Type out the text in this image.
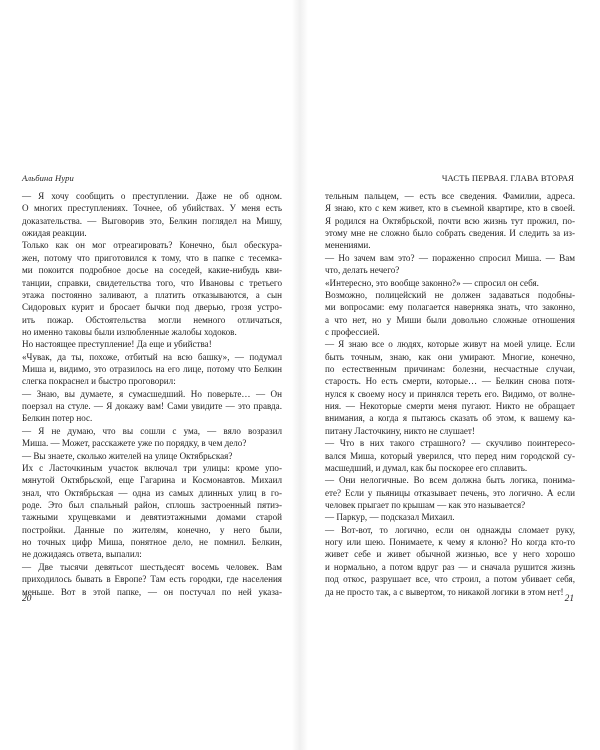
Альбина Нури
— Я хочу сообщить о преступлении. Даже не об одном.
О многих преступлениях. Точнее, об убийствах. У меня есть
доказательства. — Выговорив это, Белкин поглядел на Мишу,
ожидая реакции.
Только как он мог отреагировать? Конечно, был обескура-
жен, потому что приготовился к тому, что в папке с тесемка-
ми покоится подробное досье на соседей, какие-нибудь кви-
танции, справки, свидетельства того, что Ивановы с третьего
этажа постоянно заливают, а платить отказываются, а сын
Сидоровых курит и бросает бычки под дверью, грозя устро-
ить пожар. Обстоятельства могли немного отличаться,
но именно таковы были излюбленные жалобы ходоков.
Но настоящее преступление! Да еще и убийства!
«Чувак, да ты, похоже, отбитый на всю башку», — подумал
Миша и, видимо, это отразилось на его лице, потому что Белкин
слегка покраснел и быстро проговорил:
— Знаю, вы думаете, я сумасшедший. Но поверьте… — Он
поерзал на стуле. — Я докажу вам! Сами увидите — это правда.
Белкин потер нос.
— Я не думаю, что вы сошли с ума, — вяло возразил
Миша. — Может, расскажете уже по порядку, в чем дело?
— Вы знаете, сколько жителей на улице Октябрьская?
Их с Ласточкиным участок включал три улицы: кроме упо-
мянутой Октябрьской, еще Гагарина и Космонавтов. Михаил
знал, что Октябрьская — одна из самых длинных улиц в го-
роде. Это был спальный район, сплошь застроенный пятиэ-
тажными хрущевками и девятиэтажными домами старой
постройки. Данные по жителям, конечно, у него были,
но точных цифр Миша, понятное дело, не помнил. Белкин,
не дожидаясь ответа, выпалил:
— Две тысячи девятьсот шестьдесят восемь человек. Вам
приходилось бывать в Европе? Там есть городки, где населения
меньше. Вот в этой папке, — он постучал по ней указа-
20
ЧАСТЬ ПЕРВАЯ. ГЛАВА ВТОРАЯ
тельным пальцем, — есть все сведения. Фамилии, адреса.
Я знаю, кто с кем живет, кто в съемной квартире, кто в своей.
Я родился на Октябрьской, почти всю жизнь тут прожил, по-
этому мне не сложно было собрать сведения. И следить за из-
менениями.
— Но зачем вам это? — пораженно спросил Миша. — Вам
что, делать нечего?
«Интересно, это вообще законно?» — спросил он себя.
Возможно, полицейский не должен задаваться подобны-
ми вопросами: ему полагается наверняка знать, что законно,
а что нет, но у Миши были довольно сложные отношения
с профессией.
— Я знаю все о людях, которые живут на моей улице. Если
быть точным, знаю, как они умирают. Многие, конечно,
по естественным причинам: болезни, несчастные случаи,
старость. Но есть смерти, которые… — Белкин снова потя-
нулся к своему носу и принялся тереть его. Видимо, от волне-
ния. — Некоторые смерти меня пугают. Никто не обращает
внимания, а когда я пытаюсь сказать об этом, к вашему ка-
питану Ласточкину, никто не слушает!
— Что в них такого страшного? — скучливо поинтересо-
вался Миша, который уверился, что перед ним городской су-
масшедший, и думал, как бы поскорее его сплавить.
— Они нелогичные. Во всем должна быть логика, понима-
ете? Если у пьяницы отказывает печень, это логично. А если
человек прыгает по крышам — как это называется?
— Паркур, — подсказал Михаил.
— Вот-вот, то логично, если он однажды сломает руку,
ногу или шею. Понимаете, к чему я клоню? Но когда кто-то
живет себе и живет обычной жизнью, все у него хорошо
и нормально, а потом вдруг раз — и сначала рушится жизнь
под откос, разрушает все, что строил, а потом убивает себя,
да не просто так, а с вывертом, то никакой логики в этом нет!
21
